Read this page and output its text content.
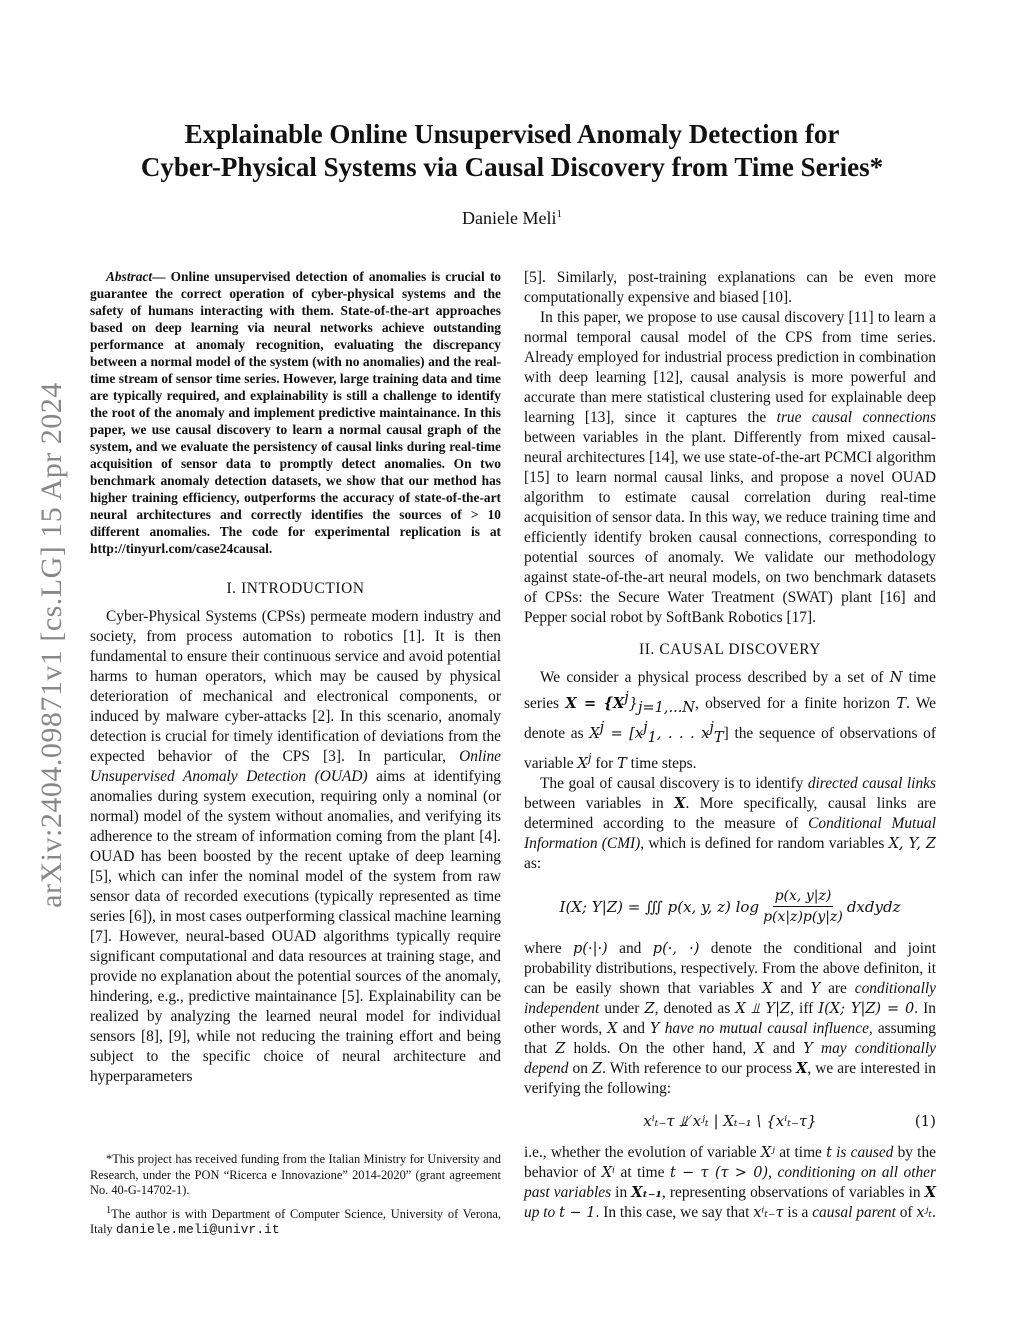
arXiv:2404.09871v1 [cs.LG] 15 Apr 2024
Explainable Online Unsupervised Anomaly Detection for
Cyber-Physical Systems via Causal Discovery from Time Series*
Daniele Meli$^1$

Abstract— Online unsupervised detection of anomalies is crucial to guarantee the correct operation of cyber-physical systems and the safety of humans interacting with them. State-of-the-art approaches based on deep learning via neural networks achieve outstanding performance at anomaly recognition, evaluating the discrepancy between a normal model of the system (with no anomalies) and the real-time stream of sensor time series. However, large training data and time are typically required, and explainability is still a challenge to identify the root of the anomaly and implement predictive maintainance. In this paper, we use causal discovery to learn a normal causal graph of the system, and we evaluate the persistency of causal links during real-time acquisition of sensor data to promptly detect anomalies. On two benchmark anomaly detection datasets, we show that our method has higher training efficiency, outperforms the accuracy of state-of-the-art neural architectures and correctly identifies the sources of > 10 different anomalies. The code for experimental replication is at http://tinyurl.com/case24causal.

I. INTRODUCTION

Cyber-Physical Systems (CPSs) permeate modern industry and society, from process automation to robotics [1]. It is then fundamental to ensure their continuous service and avoid potential harms to human operators, which may be caused by physical deterioration of mechanical and electronical components, or induced by malware cyber-attacks [2]. In this scenario, anomaly detection is crucial for timely identification of deviations from the expected behavior of the CPS [3]. In particular, Online Unsupervised Anomaly Detection (OUAD) aims at identifying anomalies during system execution, requiring only a nominal (or normal) model of the system without anomalies, and verifying its adherence to the stream of information coming from the plant [4]. OUAD has been boosted by the recent uptake of deep learning [5], which can infer the nominal model of the system from raw sensor data of recorded executions (typically represented as time series [6]), in most cases outperforming classical machine learning [7]. However, neural-based OUAD algorithms typically require significant computational and data resources at training stage, and provide no explanation about the potential sources of the anomaly, hindering, e.g., predictive maintainance [5]. Explainability can be realized by analyzing the learned neural model for individual sensors [8], [9], while not reducing the training effort and being subject to the specific choice of neural architecture and hyperparameters

*This project has received funding from the Italian Ministry for University and Research, under the PON “Ricerca e Innovazione” 2014-2020” (grant agreement No. 40-G-14702-1).

$^1$The author is with Department of Computer Science, University of Verona, Italy daniele.meli@univr.it

[5]. Similarly, post-training explanations can be even more computationally expensive and biased [10].

In this paper, we propose to use causal discovery [11] to learn a normal temporal causal model of the CPS from time series. Already employed for industrial process prediction in combination with deep learning [12], causal analysis is more powerful and accurate than mere statistical clustering used for explainable deep learning [13], since it captures the true causal connections between variables in the plant. Differently from mixed causal-neural architectures [14], we use state-of-the-art PCMCI algorithm [15] to learn normal causal links, and propose a novel OUAD algorithm to estimate causal correlation during real-time acquisition of sensor data. In this way, we reduce training time and efficiently identify broken causal connections, corresponding to potential sources of anomaly. We validate our methodology against state-of-the-art neural models, on two benchmark datasets of CPSs: the Secure Water Treatment (SWAT) plant [16] and Pepper social robot by SoftBank Robotics [17].

II. CAUSAL DISCOVERY

We consider a physical process described by a set of N time series $X = \{X^j\}_{j=1,...N}$, observed for a finite horizon T. We denote as $X^j = [x^j_1$, . . . $x^j_T$] the sequence of observations of variable $X^j$ for T time steps.

The goal of causal discovery is to identify directed causal links between variables in X. More specifically, causal links are determined according to the measure of Conditional Mutual Information (CMI), which is defined for random variables X, Y, Z as:

I(X; Y|Z) = ∭ p(x, y, z) log
p(x, y|z)
p(x|z)p(y|z)
dxdydz

where p(·|·) and p(·, ·) denote the conditional and joint probability distributions, respectively. From the above definiton, it can be easily shown that variables X and Y are conditionally independent under Z, denoted as X ⫫ Y|Z, iff I(X; Y|Z) = 0. In other words, X and Y have no mutual causal influence, assuming that Z holds. On the other hand, X and Y may conditionally depend on Z. With reference to our process X, we are interested in verifying the following:

xⁱₜ₋τ ⫫̸ xʲₜ | Xₜ₋₁ \ {xⁱₜ₋τ}	(1)

i.e., whether the evolution of variable Xʲ at time t is caused by the behavior of Xⁱ at time t − τ (τ > 0), conditioning on all other past variables in Xₜ₋₁, representing observations of variables in X up to t − 1. In this case, we say that xⁱₜ₋τ is a causal parent of xʲₜ.
